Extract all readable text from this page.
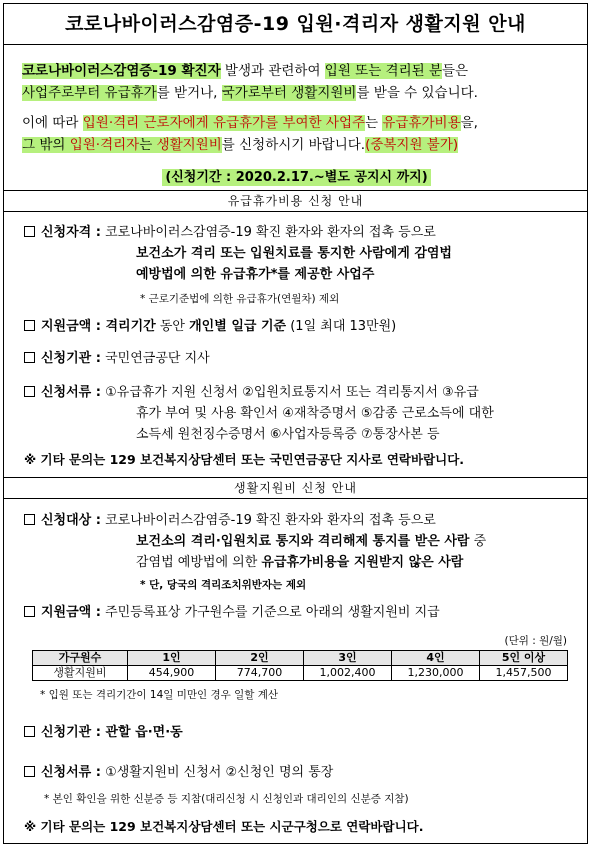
코로나바이러스감염증-19 입원·격리자 생활지원 안내

코로나바이러스감염증-19 확진자 발생과 관련하여 입원 또는 격리된 분들은

사업주로부터 유급휴가를 받거나, 국가로부터 생활지원비를 받을 수 있습니다.

이에 따라 입원·격리 근로자에게 유급휴가를 부여한 사업주는 유급휴가비용을,

그 밖의 입원·격리자는 생활지원비를 신청하시기 바랍니다.(중복지원 불가)

(신청기간 : 2020.2.17.~별도 공지시 까지)
유급휴가비용 신청 안내
신청자격 : 코로나바이러스감염증-19 확진 환자와 환자의 접촉 등으로
보건소가 격리 또는 입원치료를 통지한 사람에게 감염법
예방법에 의한 유급휴가*를 제공한 사업주
* 근로기준법에 의한 유급휴가(연월차) 제외
지원금액 : 격리기간 동안 개인별 일급 기준 (1일 최대 13만원)
신청기관 : 국민연금공단 지사
신청서류 : ①유급휴가 지원 신청서 ②입원치료통지서 또는 격리통지서 ③유급
휴가 부여 및 사용 확인서 ④재착증명서 ⑤감종 근로소득에 대한
소득세 원천징수증명서 ⑥사업자등록증 ⑦통장사본 등
※ 기타 문의는 129 보건복지상담센터 또는 국민연금공단 지사로 연락바랍니다.
생활지원비 신청 안내
신청대상 : 코로나바이러스감염증-19 확진 환자와 환자의 접촉 등으로
보건소의 격리·입원치료 통지와 격리해제 통지를 받은 사람 중
감염법 예방법에 의한 유급휴가비용을 지원받지 않은 사람
* 단, 당국의 격리조치위반자는 제외
지원금액 : 주민등록표상 가구원수를 기준으로 아래의 생활지원비 지급
(단위 : 원/월)
가구원수	1인	2인	3인	4인	5인 이상
생활지원비	454,900	774,700	1,002,400	1,230,000	1,457,500
* 입원 또는 격리기간이 14일 미만인 경우 일할 계산
신청기관 : 관할 읍·면·동
신청서류 : ①생활지원비 신청서 ②신청인 명의 통장
* 본인 확인을 위한 신분증 등 지참(대리신청 시 신청인과 대리인의 신분증 지참)
※ 기타 문의는 129 보건복지상담센터 또는 시군구청으로 연락바랍니다.
